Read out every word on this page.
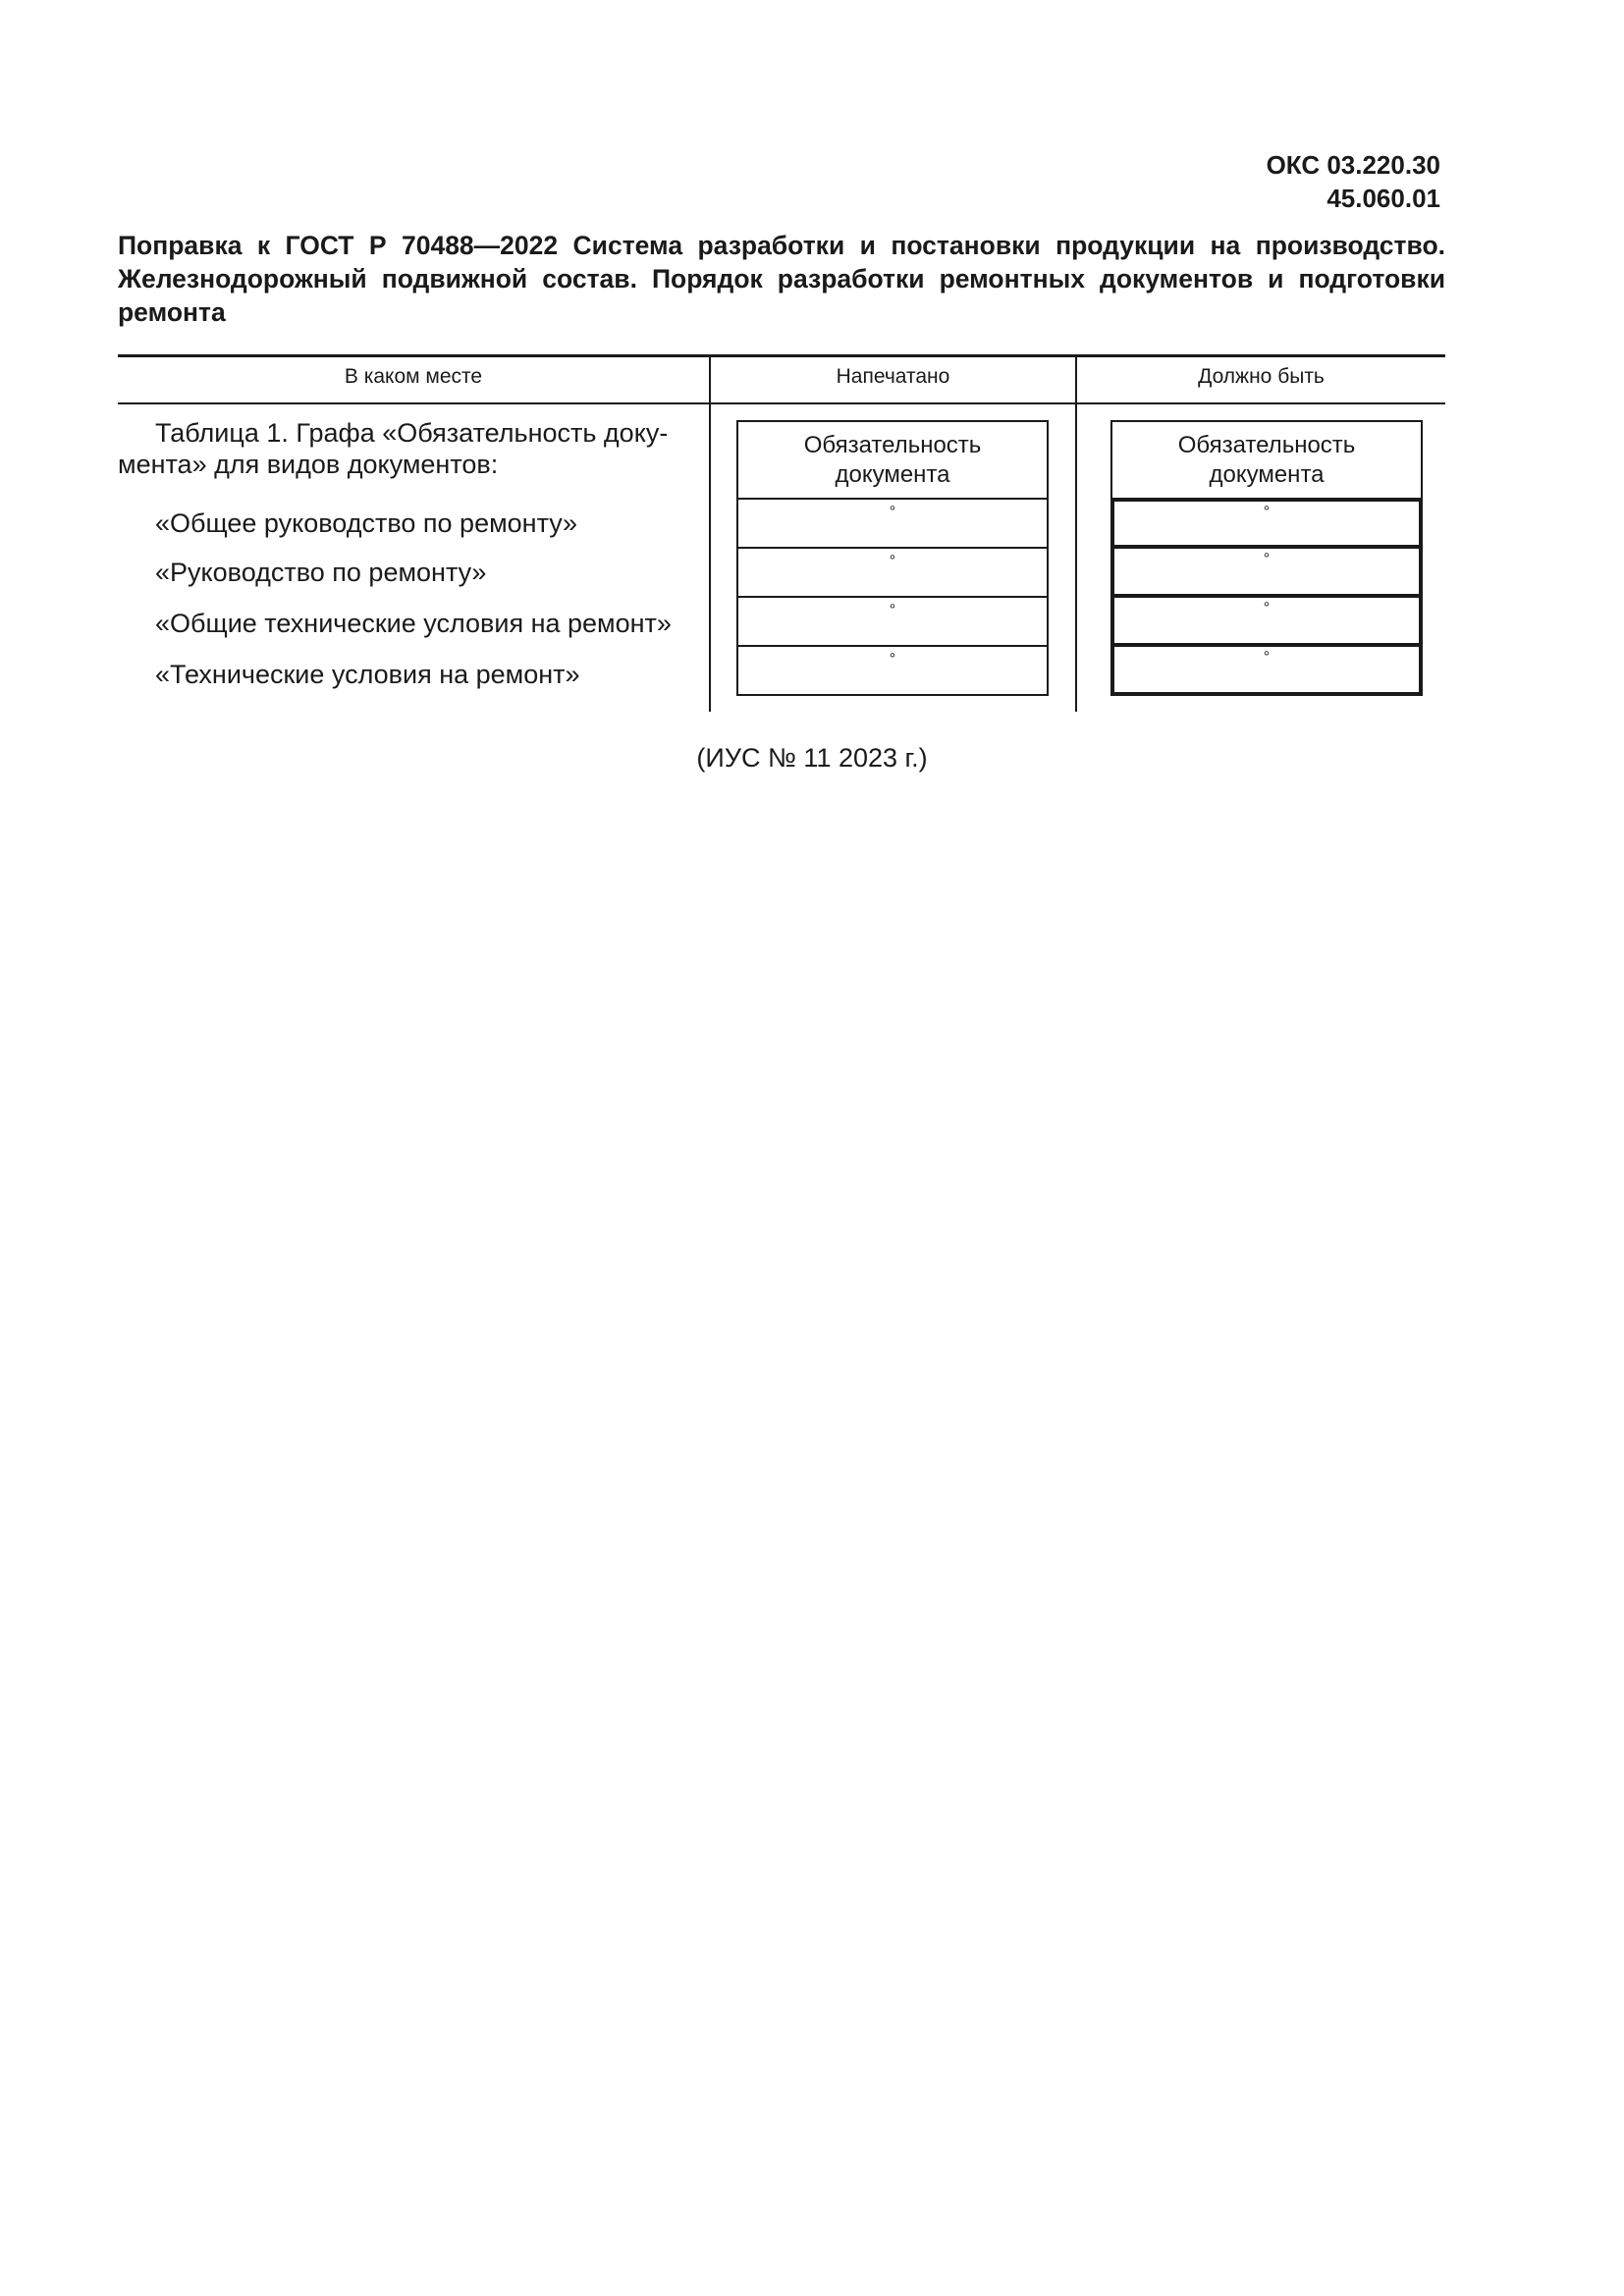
ОКС 03.220.30
45.060.01
Поправка к ГОСТ Р 70488—2022 Система разработки и постановки продукции на производство. Железнодорожный подвижной состав. Порядок разработки ремонтных документов и подготовки ремонта
В каком месте	Напечатано	Должно быть
Таблица 1. Графа «Обязательность доку-
мента» для видов документов:
«Общее руководство по ремонту»
«Руководство по ремонту»
«Общие технические условия на ремонт»
«Технические условия на ремонт»
Обязательность
документа
°
°
°
°
Обязательность
документа
°
°
°
°
(ИУС № 11 2023 г.)
